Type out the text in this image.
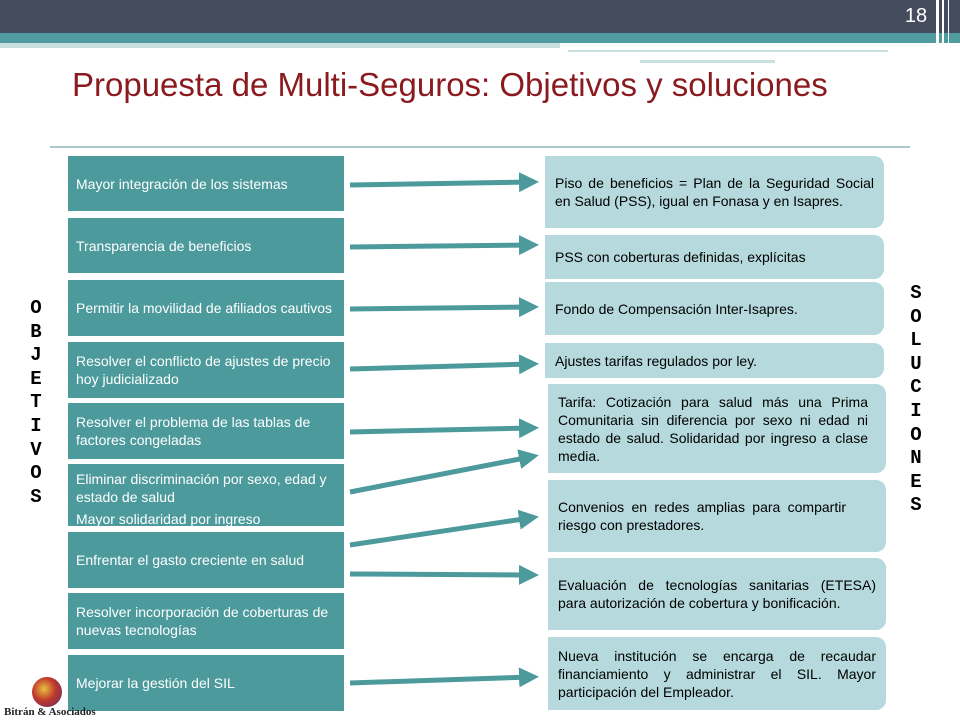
18
Propuesta de Multi-Seguros: Objetivos y soluciones
Mayor integración de los sistemas
Transparencia de beneficios
Permitir la movilidad de afiliados cautivos
Resolver el conflicto de ajustes de precio hoy judicializado
Resolver el problema de las tablas de factores congeladas
Eliminar discriminación por sexo, edad y estado de salud
Mayor solidaridad por ingreso
Enfrentar el gasto creciente en salud
Resolver incorporación de coberturas de nuevas tecnologías
Mejorar la gestión del SIL
Piso de beneficios = Plan de la Seguridad Social en Salud (PSS), igual en Fonasa y en Isapres.
PSS con coberturas definidas, explícitas
Fondo de Compensación Inter-Isapres.
Ajustes tarifas regulados por ley.
Tarifa: Cotización para salud más una Prima Comunitaria sin diferencia por sexo ni edad ni estado de salud. Solidaridad por ingreso a clase media.
Convenios en redes amplias para compartir riesgo con prestadores.
Evaluación de tecnologías sanitarias (ETESA) para autorización de cobertura y bonificación.
Nueva institución se encarga de recaudar financiamiento y administrar el SIL. Mayor participación del Empleador.
O
B
J
E
T
I
V
O
S
S
O
L
U
C
I
O
N
E
S
Bitrán & Asociados
